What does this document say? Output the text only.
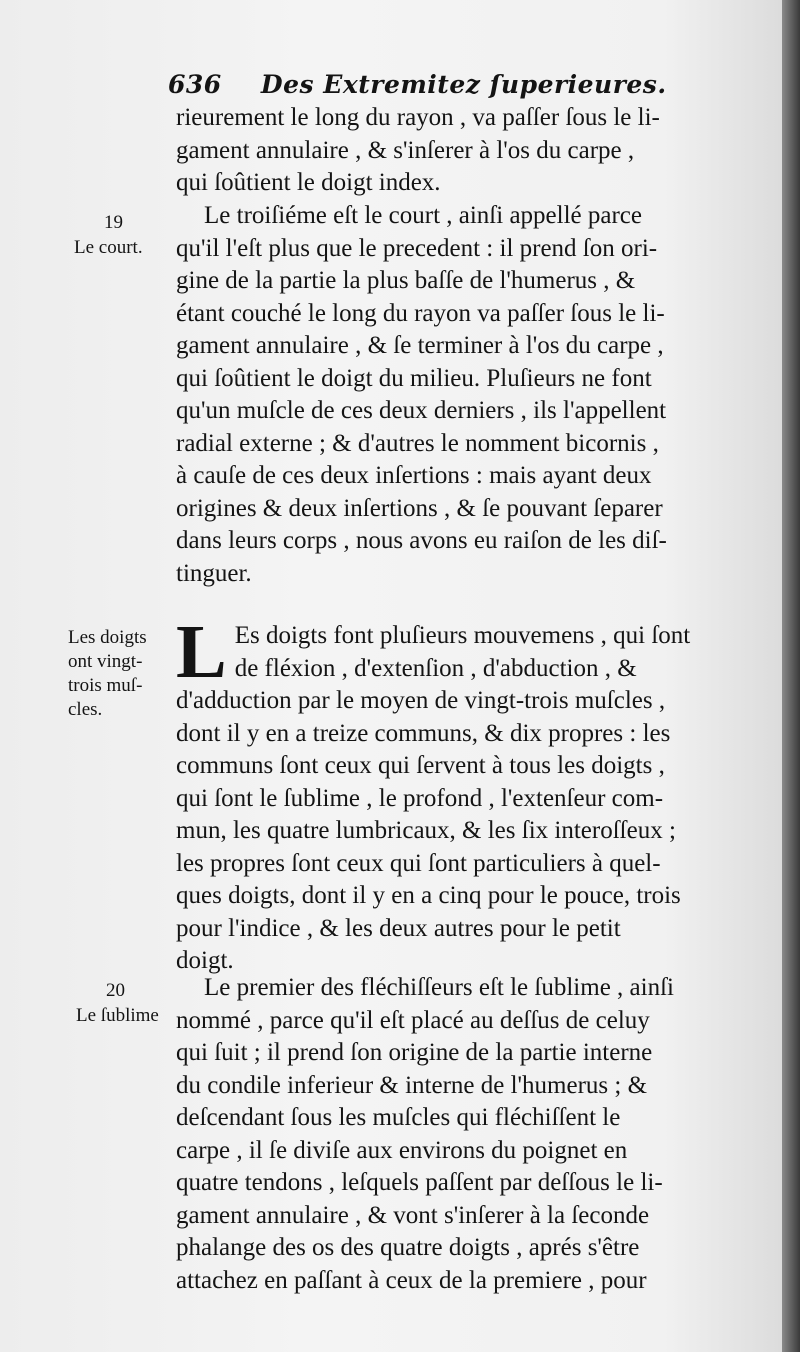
636 Des Extremitez ſuperieures.
rieurement le long du rayon , va paſſer ſous le li-
gament annulaire , & s'inſerer à l'os du carpe ,
qui ſoûtient le doigt index.
19
Le court.
Le troiſiéme eſt le court , ainſi appellé parce
qu'il l'eſt plus que le precedent : il prend ſon ori-
gine de la partie la plus baſſe de l'humerus , &
étant couché le long du rayon va paſſer ſous le li-
gament annulaire , & ſe terminer à l'os du carpe ,
qui ſoûtient le doigt du milieu. Pluſieurs ne font
qu'un muſcle de ces deux derniers , ils l'appellent
radial externe ; & d'autres le nomment bicornis ,
à cauſe de ces deux inſertions : mais ayant deux
origines & deux inſertions , & ſe pouvant ſeparer
dans leurs corps , nous avons eu raiſon de les diſ-
tinguer.
Les doigts
ont vingt-
trois muſ-
cles.
L Es doigts font pluſieurs mouvemens , qui ſont
de fléxion , d'extenſion , d'abduction , &
d'adduction par le moyen de vingt-trois muſcles ,
dont il y en a treize communs, & dix propres : les
communs ſont ceux qui ſervent à tous les doigts ,
qui ſont le ſublime , le profond , l'extenſeur com-
mun, les quatre lumbricaux, & les ſix interoſſeux ;
les propres ſont ceux qui ſont particuliers à quel-
ques doigts, dont il y en a cinq pour le pouce, trois
pour l'indice , & les deux autres pour le petit
doigt.
20
Le ſublime
Le premier des fléchiſſeurs eſt le ſublime , ainſi
nommé , parce qu'il eſt placé au deſſus de celuy
qui ſuit ; il prend ſon origine de la partie interne
du condile inferieur & interne de l'humerus ; &
deſcendant ſous les muſcles qui fléchiſſent le
carpe , il ſe diviſe aux environs du poignet en
quatre tendons , leſquels paſſent par deſſous le li-
gament annulaire , & vont s'inſerer à la ſeconde
phalange des os des quatre doigts , aprés s'être
attachez en paſſant à ceux de la premiere , pour
